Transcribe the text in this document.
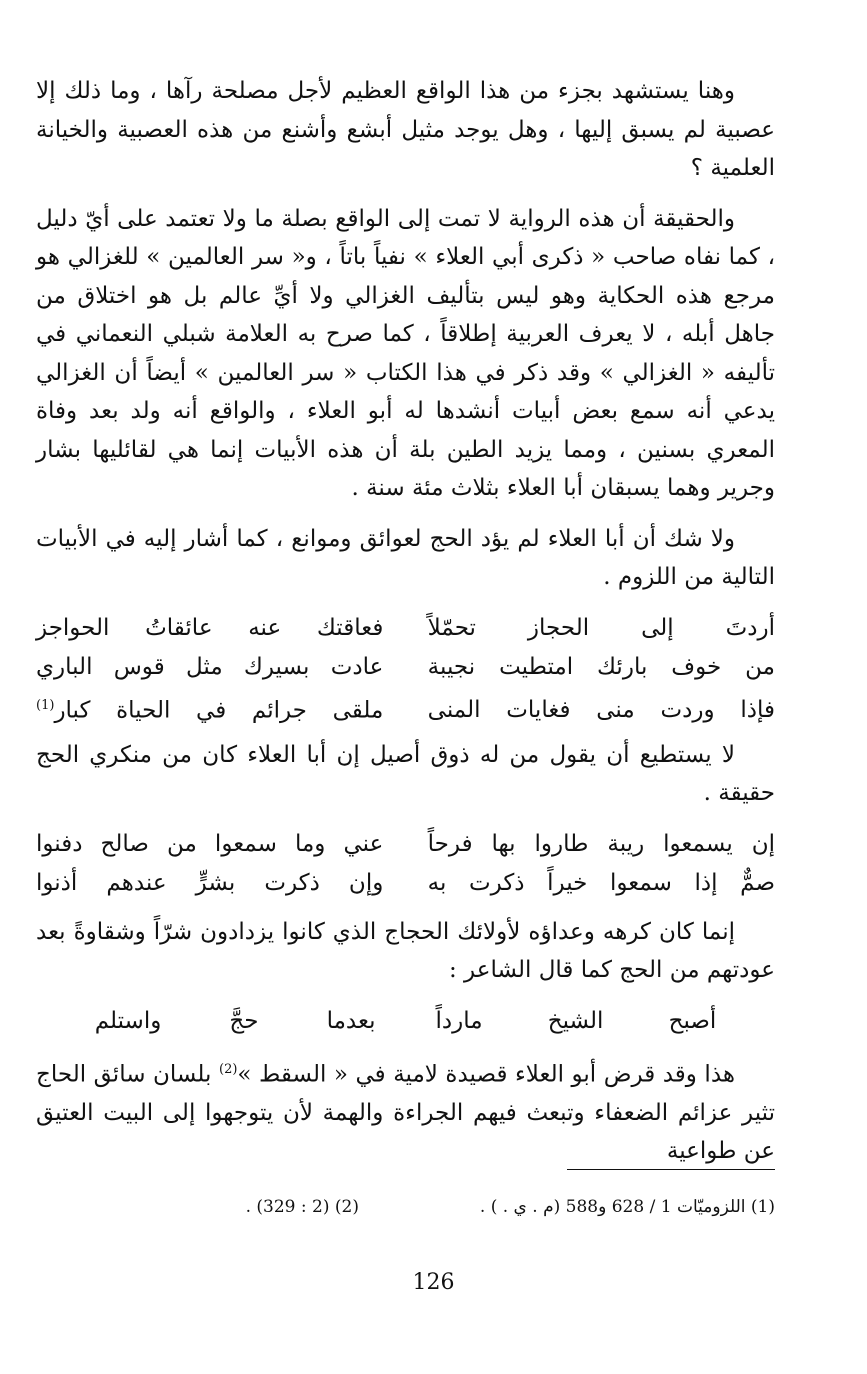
وهنا يستشهد بجزء من هذا الواقع العظيم لأجل مصلحة رآها ، وما ذلك إلا عصبية لم يسبق إليها ، وهل يوجد مثيل أبشع وأشنع من هذه العصبية والخيانة العلمية ؟

والحقيقة أن هذه الرواية لا تمت إلى الواقع بصلة ما ولا تعتمد على أيّ دليل ، كما نفاه صاحب « ذكرى أبي العلاء » نفياً باتاً ، و« سر العالمين » للغزالي هو مرجع هذه الحكاية وهو ليس بتأليف الغزالي ولا أيِّ عالم بل هو اختلاق من جاهل أبله ، لا يعرف العربية إطلاقاً ، كما صرح به العلامة شبلي النعماني في تأليفه « الغزالي » وقد ذكر في هذا الكتاب « سر العالمين » أيضاً أن الغزالي يدعي أنه سمع بعض أبيات أنشدها له أبو العلاء ، والواقع أنه ولد بعد وفاة المعري بسنين ، ومما يزيد الطين بلة أن هذه الأبيات إنما هي لقائليها بشار وجرير وهما يسبقان أبا العلاء بثلاث مئة سنة .

ولا شك أن أبا العلاء لم يؤد الحج لعوائق وموانع ، كما أشار إليه في الأبيات التالية من اللزوم .

أردتَ إلى الحجاز تحمّلاً
فعاقتك عنه عائقاتُ الحواجز
من خوف بارئك امتطيت نجيبة
عادت بسيرك مثل قوس الباري
فإذا وردت منى فغايات المنى
ملقى جرائم في الحياة كبار$^{(1)}$

لا يستطيع أن يقول من له ذوق أصيل إن أبا العلاء كان من منكري الحج حقيقة .

إن يسمعوا ريبة طاروا بها فرحاً
عني وما سمعوا من صالح دفنوا
صمٌّ إذا سمعوا خيراً ذكرت به
وإن ذكرت بشرٍّ عندهم أذنوا

إنما كان كرهه وعداؤه لأولائك الحجاج الذي كانوا يزدادون شرّاً وشقاوةً بعد عودتهم من الحج كما قال الشاعر :

أصبح الشيخ مارداً
بعدما حجَّ واستلم

هذا وقد قرض أبو العلاء قصيدة لامية في « السقط »$^{(2)}$ بلسان سائق الحاج تثير عزائم الضعفاء وتبعث فيهم الجراءة والهمة لأن يتوجهوا إلى البيت العتيق عن طواعية

(1) اللزوميّات 1 / 628 و588 (م . ي . ) .
(2) (2 : 329) .
126
